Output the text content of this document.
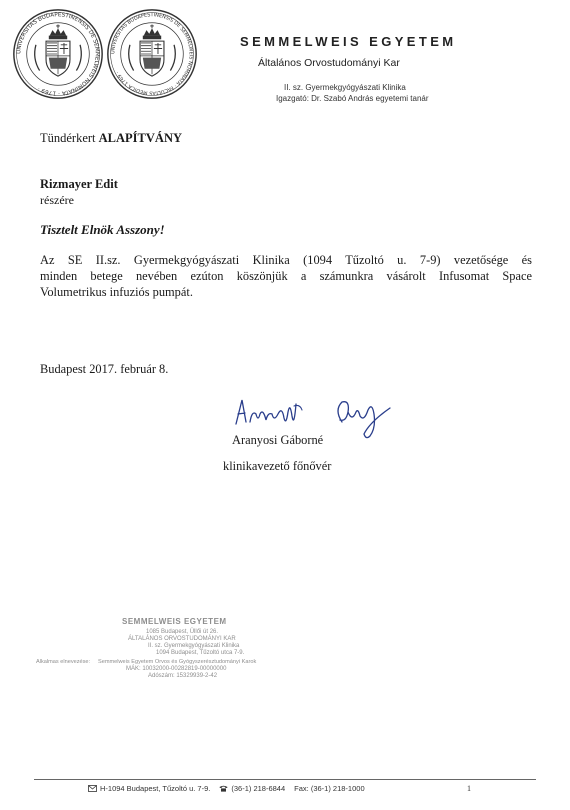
UNIVERSITAS BUDAPESTINENSIS DE SEMMELWEIS NOMINATA · 1769 ·
UNIVERSITAS BUDAPESTINENSIS DE SEMMELWEIS NOMINATA · FACULTAS MEDICA 1769 ·
SEMMELWEIS EGYETEM
Általános Orvostudományi Kar
II. sz. Gyermekgyógyászati Klinika
Igazgató: Dr. Szabó András egyetemi tanár
Tündérkert ALAPÍTVÁNY
Rizmayer Edit
részére
Tisztelt Elnök Asszony!
Az SE II.sz. Gyermekgyógyászati Klinika (1094 Tűzoltó u. 7-9) vezetősége és
minden betege nevében ezúton köszönjük a számunkra vásárolt Infusomat Space
Volumetrikus infuziós pumpát.
Budapest 2017. február 8.
Aranyosi Gáborné
klinikavezető főnővér
SEMMELWEIS EGYETEM
1085 Budapest, Üllői út 26.
ÁLTALÁNOS ORVOSTUDOMÁNYI KAR
II. sz. Gyermekgyógyászati Klinika
1094 Budapest, Tűzoltó utca 7-9.
Alkalmas elnevezése: Semmelweis Egyetem Orvos és Gyógyszerésztudományi Karok
MÁK: 10032000-00282819-00000000
Adószám: 15329939-2-42
H-1094 Budapest, Tűzoltó u. 7-9.	(36-1) 218-6844 Fax: (36-1) 218-1000	1
